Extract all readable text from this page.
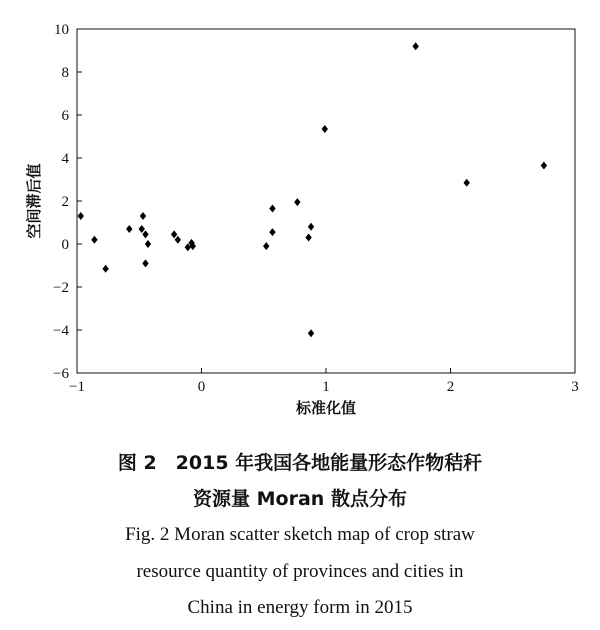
−1	0	1	2	3
−6
−4
−2
0
2
4
6
8
10
标准化值
空间滞后值
图 2　2015 年我国各地能量形态作物秸秆
资源量 Moran 散点分布
Fig. 2 Moran scatter sketch map of crop straw
resource quantity of provinces and cities in
China in energy form in 2015
